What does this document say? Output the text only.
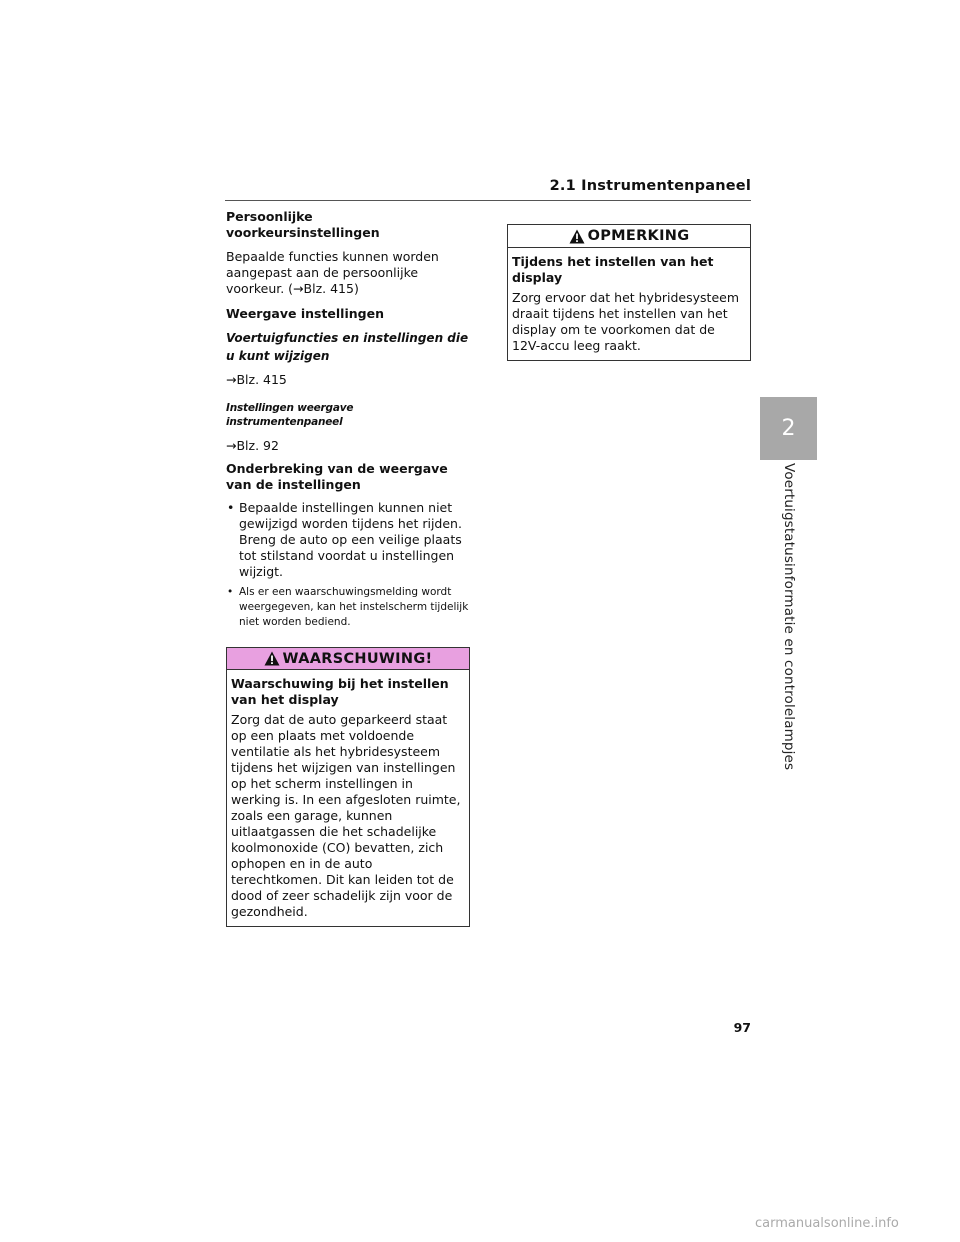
2.1 Instrumentenpaneel

Persoonlijke voorkeursinstellingen

Bepaalde functies kunnen worden aangepast aan de persoonlijke voorkeur. (→Blz. 415)

Weergave instellingen

Voertuigfuncties en instellingen die u kunt wijzigen

→Blz. 415

Instellingen weergave instrumentenpaneel

→Blz. 92

Onderbreking van de weergave van de instellingen

• Bepaalde instellingen kunnen niet gewijzigd worden tijdens het rijden. Breng de auto op een veilige plaats tot stilstand voordat u instellingen wijzigt.
• Als er een waarschuwingsmelding wordt weergegeven, kan het instelscherm tijdelijk niet worden bediend.
WAARSCHUWING!

Waarschuwing bij het instellen van het display

Zorg dat de auto geparkeerd staat op een plaats met voldoende ventilatie als het hybridesysteem tijdens het wijzigen van instellingen op het scherm instellingen in werking is. In een afgesloten ruimte, zoals een garage, kunnen uitlaatgassen die het schadelijke koolmonoxide (CO) bevatten, zich ophopen en in de auto terechtkomen. Dit kan leiden tot de dood of zeer schadelijk zijn voor de gezondheid.

OPMERKING

Tijdens het instellen van het display

Zorg ervoor dat het hybridesysteem draait tijdens het instellen van het display om te voorkomen dat de 12V-accu leeg raakt.

2
Voertuigstatusinformatie en controlelampjes
97
carmanualsonline.info
